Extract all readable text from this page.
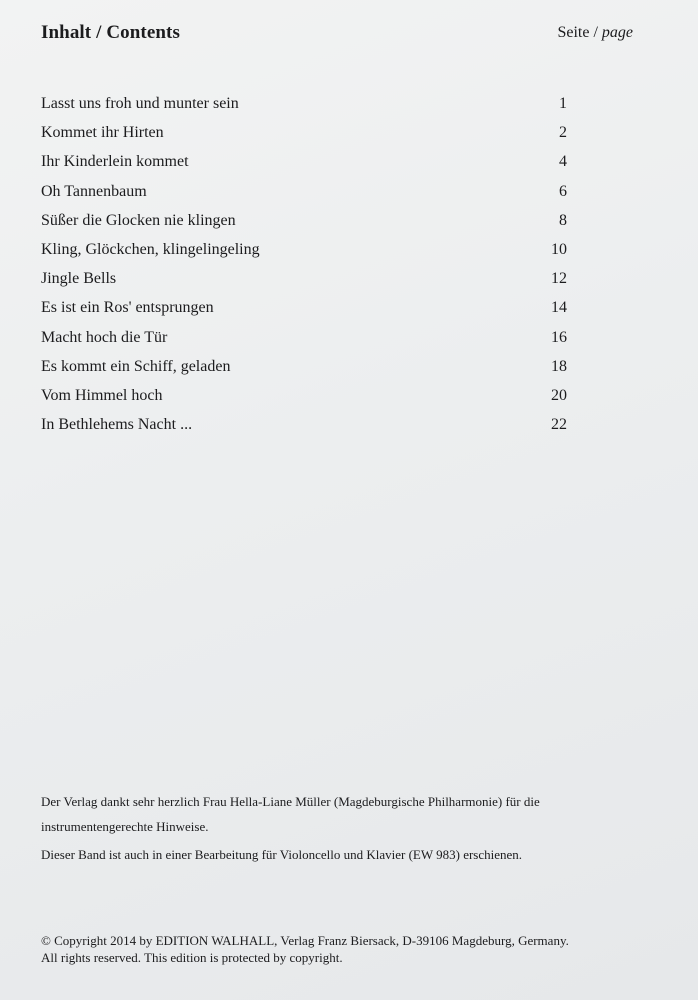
Inhalt / Contents	Seite / page
Lasst uns froh und munter sein	1
Kommet ihr Hirten	2
Ihr Kinderlein kommet	4
Oh Tannenbaum	6
Süßer die Glocken nie klingen	8
Kling, Glöckchen, klingelingeling	10
Jingle Bells	12
Es ist ein Ros' entsprungen	14
Macht hoch die Tür	16
Es kommt ein Schiff, geladen	18
Vom Himmel hoch	20
In Bethlehems Nacht ...	22

Der Verlag dankt sehr herzlich Frau Hella-Liane Müller (Magdeburgische Philharmonie) für die

instrumentengerechte Hinweise.

Dieser Band ist auch in einer Bearbeitung für Violoncello und Klavier (EW 983) erschienen.

© Copyright 2014 by EDITION WALHALL, Verlag Franz Biersack, D-39106 Magdeburg, Germany.

All rights reserved. This edition is protected by copyright.
